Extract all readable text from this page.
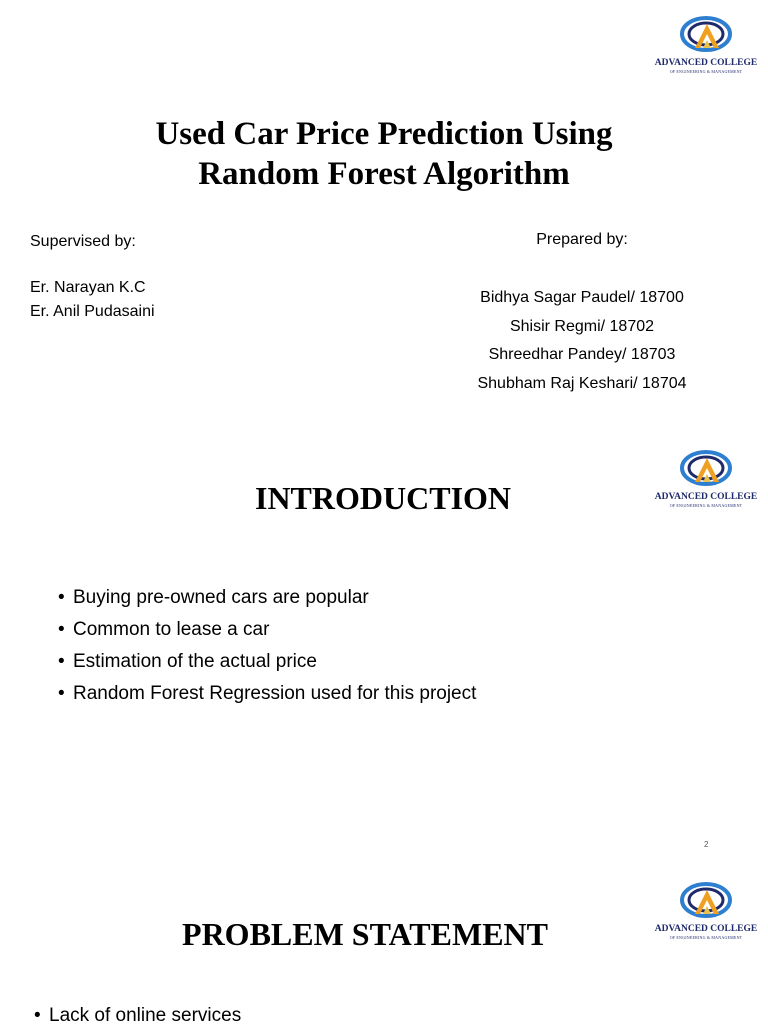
ADVANCED COLLEGE
OF ENGINEERING & MANAGEMENT
Used Car Price Prediction Using
Random Forest Algorithm
Supervised by:
Er. Narayan K.C
Er. Anil Pudasaini
Prepared by:
Bidhya Sagar Paudel/ 18700
Shisir Regmi/ 18702
Shreedhar Pandey/ 18703
Shubham Raj Keshari/ 18704
ADVANCED COLLEGE
OF ENGINEERING & MANAGEMENT
INTRODUCTION
• Buying pre-owned cars are popular
• Common to lease a car
• Estimation of the actual price
• Random Forest Regression used for this project
2
ADVANCED COLLEGE
OF ENGINEERING & MANAGEMENT
PROBLEM STATEMENT
• Lack of online services
